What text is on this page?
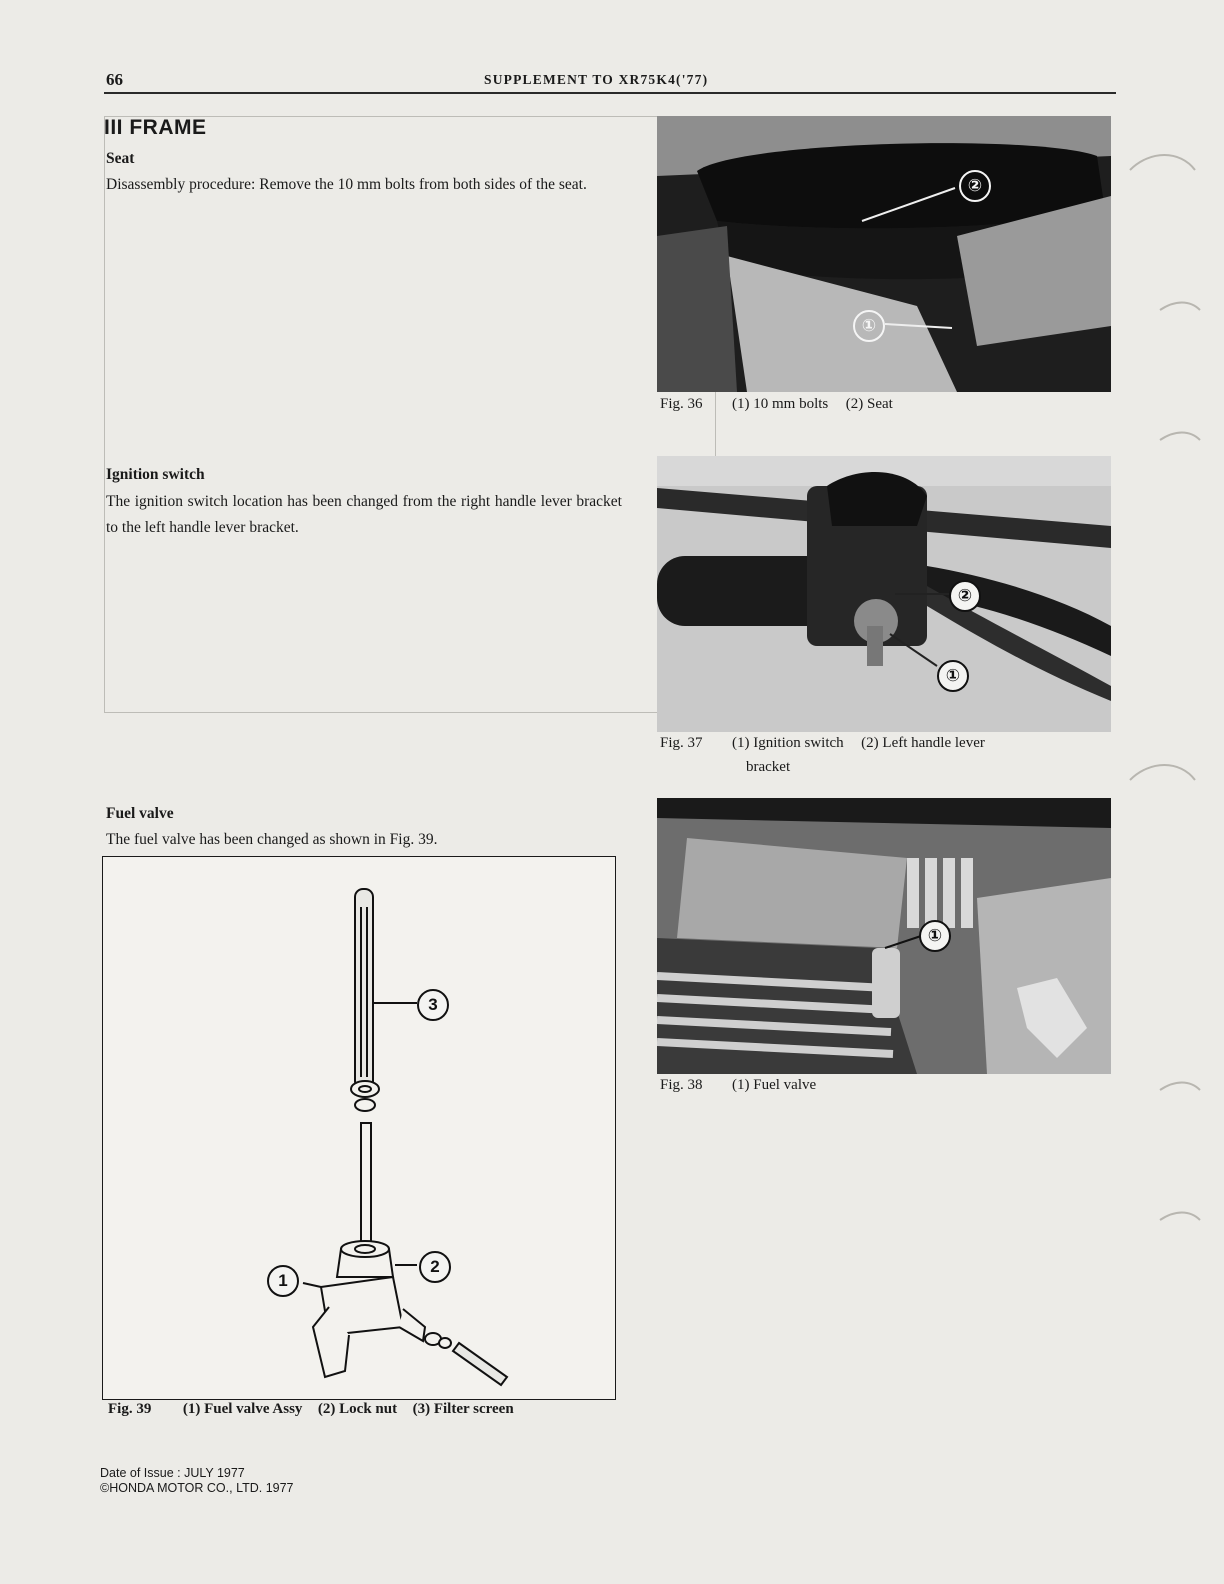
66	SUPPLEMENT TO XR75K4('77)
III FRAME
Seat
Disassembly procedure: Remove the 10 mm bolts from both sides of the seat.
Ignition switch
The ignition switch location has been changed from the right handle lever bracket to the left handle lever bracket.
Fuel valve
The fuel valve has been changed as shown in Fig. 39.
②
①
Fig. 36 (1) 10 mm bolts (2) Seat
②
①
Fig. 37 (1) Ignition switch (2) Left handle lever
bracket
①
Fig. 38 (1) Fuel valve
3
2
1
Fig. 39 (1) Fuel valve Assy (2) Lock nut (3) Filter screen
Date of Issue : JULY 1977
©HONDA MOTOR CO., LTD. 1977
